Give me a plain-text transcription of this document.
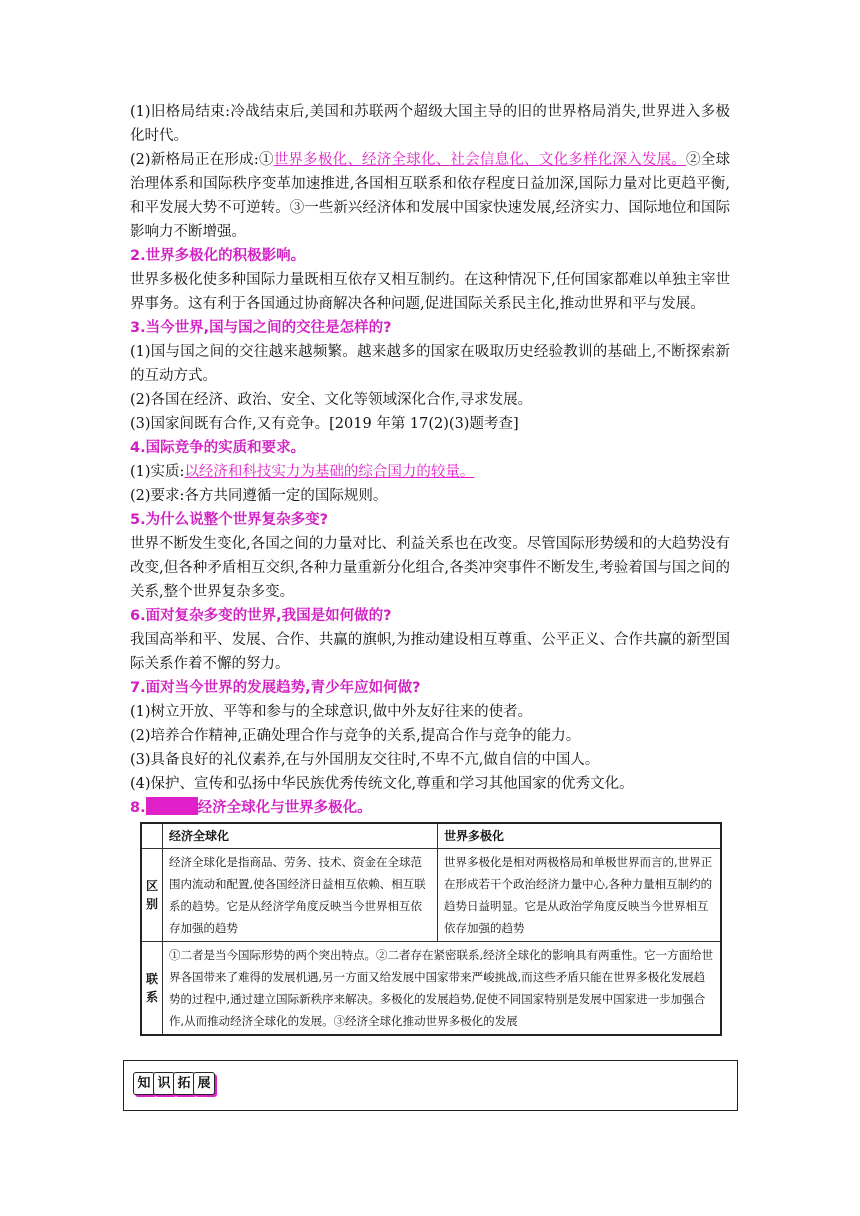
(1)旧格局结束:冷战结束后,美国和苏联两个超级大国主导的旧的世界格局消失,世界进入多极化时代。

(2)新格局正在形成:①世界多极化、经济全球化、社会信息化、文化多样化深入发展。②全球治理体系和国际秩序变革加速推进,各国相互联系和依存程度日益加深,国际力量对比更趋平衡,和平发展大势不可逆转。③一些新兴经济体和发展中国家快速发展,经济实力、国际地位和国际影响力不断增强。

2.世界多极化的积极影响。

世界多极化使多种国际力量既相互依存又相互制约。在这种情况下,任何国家都难以单独主宰世界事务。这有利于各国通过协商解决各种问题,促进国际关系民主化,推动世界和平与发展。

3.当今世界,国与国之间的交往是怎样的?

(1)国与国之间的交往越来越频繁。越来越多的国家在吸取历史经验教训的基础上,不断探索新的互动方式。

(2)各国在经济、政治、安全、文化等领域深化合作,寻求发展。

(3)国家间既有合作,又有竞争。[2019 年第 17(2)(3)题考查]

4.国际竞争的实质和要求。

(1)实质:以经济和科技实力为基础的综合国力的较量。

(2)要求:各方共同遵循一定的国际规则。

5.为什么说整个世界复杂多变?

世界不断发生变化,各国之间的力量对比、利益关系也在改变。尽管国际形势缓和的大趋势没有改变,但各种矛盾相互交织,各种力量重新分化组合,各类冲突事件不断发生,考验着国与国之间的关系,整个世界复杂多变。

6.面对复杂多变的世界,我国是如何做的?

我国高举和平、发展、合作、共赢的旗帜,为推动建设相互尊重、公平正义、合作共赢的新型国际关系作着不懈的努力。

7.面对当今世界的发展趋势,青少年应如何做?

(1)树立开放、平等和参与的全球意识,做中外友好往来的使者。

(2)培养合作精神,正确处理合作与竞争的关系,提高合作与竞争的能力。

(3)具备良好的礼仪素养,在与外国朋友交往时,不卑不亢,做自信的中国人。

(4)保护、宣传和弘扬中华民族优秀传统文化,尊重和学习其他国家的优秀文化。

8.	经济全球化与世界多极化。

	经济全球化	世界多极化
区别	经济全球化是指商品、劳务、技术、资金在全球范围内流动和配置,使各国经济日益相互依赖、相互联系的趋势。它是从经济学角度反映当今世界相互依存加强的趋势	世界多极化是相对两极格局和单极世界而言的,世界正在形成若干个政治经济力量中心,各种力量相互制约的趋势日益明显。它是从政治学角度反映当今世界相互依存加强的趋势
联系	①二者是当今国际形势的两个突出特点。②二者存在紧密联系,经济全球化的影响具有两重性。它一方面给世界各国带来了难得的发展机遇,另一方面又给发展中国家带来严峻挑战,而这些矛盾只能在世界多极化发展趋势的过程中,通过建立国际新秩序来解决。多极化的发展趋势,促使不同国家特别是发展中国家进一步加强合作,从而推动经济全球化的发展。③经济全球化推动世界多极化的发展	
知 识 拓 展
